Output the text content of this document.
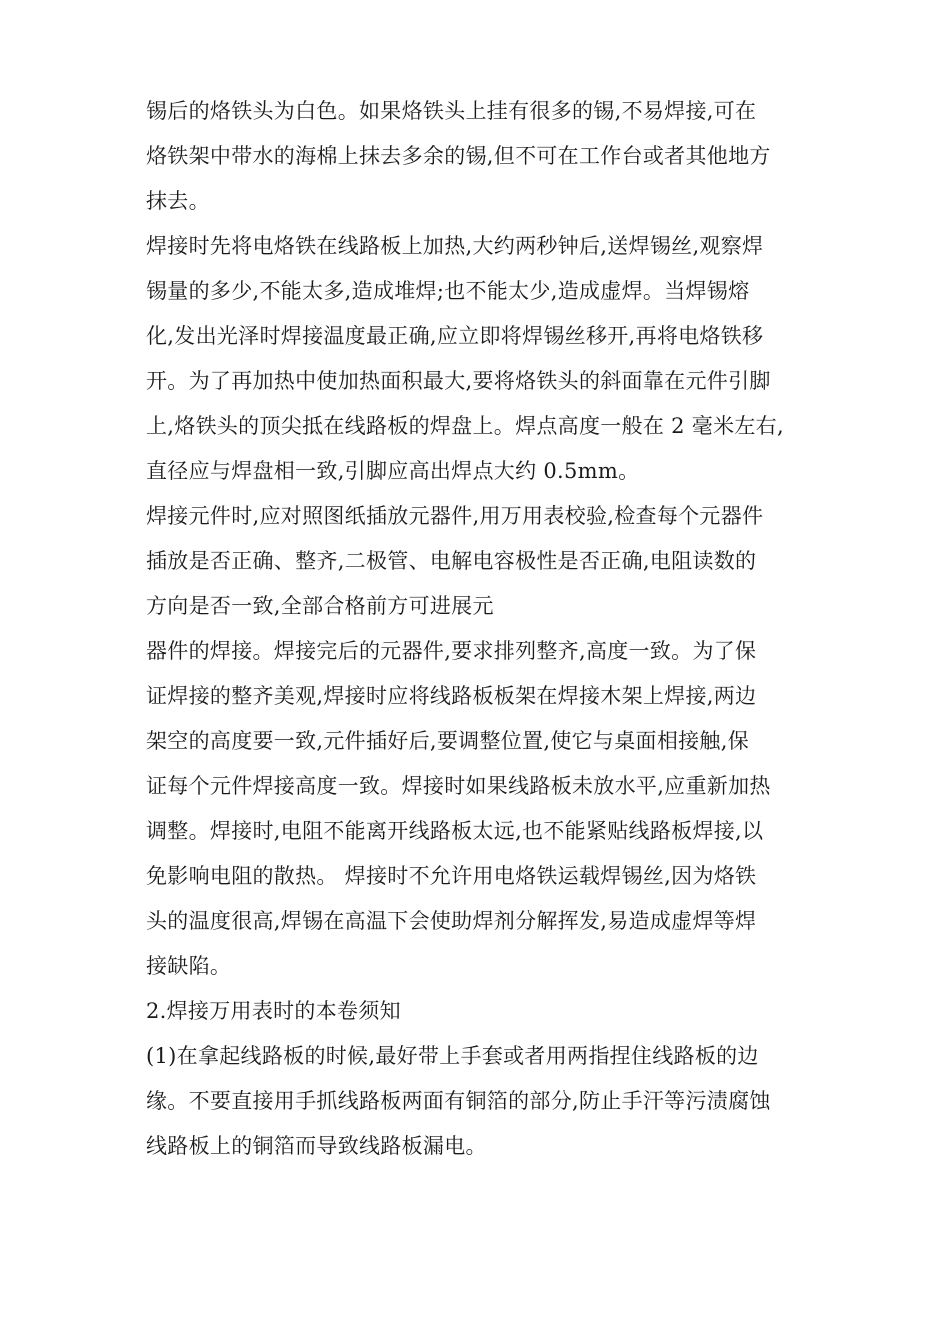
锡后的烙铁头为白色。如果烙铁头上挂有很多的锡,不易焊接,可在
烙铁架中带水的海棉上抹去多余的锡,但不可在工作台或者其他地方
抹去。
焊接时先将电烙铁在线路板上加热,大约两秒钟后,送焊锡丝,观察焊
锡量的多少,不能太多,造成堆焊;也不能太少,造成虚焊。当焊锡熔
化,发出光泽时焊接温度最正确,应立即将焊锡丝移开,再将电烙铁移
开。为了再加热中使加热面积最大,要将烙铁头的斜面靠在元件引脚
上,烙铁头的顶尖抵在线路板的焊盘上。焊点高度一般在 2 毫米左右,
直径应与焊盘相一致,引脚应高出焊点大约 0.5mm。
焊接元件时,应对照图纸插放元器件,用万用表校验,检查每个元器件
插放是否正确、整齐,二极管、电解电容极性是否正确,电阻读数的
方向是否一致,全部合格前方可进展元
器件的焊接。焊接完后的元器件,要求排列整齐,高度一致。为了保
证焊接的整齐美观,焊接时应将线路板板架在焊接木架上焊接,两边
架空的高度要一致,元件插好后,要调整位置,使它与桌面相接触,保
证每个元件焊接高度一致。焊接时如果线路板未放水平,应重新加热
调整。焊接时,电阻不能离开线路板太远,也不能紧贴线路板焊接,以
免影响电阻的散热。 焊接时不允许用电烙铁运载焊锡丝,因为烙铁
头的温度很高,焊锡在高温下会使助焊剂分解挥发,易造成虚焊等焊
接缺陷。
2.焊接万用表时的本卷须知
(1)在拿起线路板的时候,最好带上手套或者用两指捏住线路板的边
缘。不要直接用手抓线路板两面有铜箔的部分,防止手汗等污渍腐蚀
线路板上的铜箔而导致线路板漏电。
